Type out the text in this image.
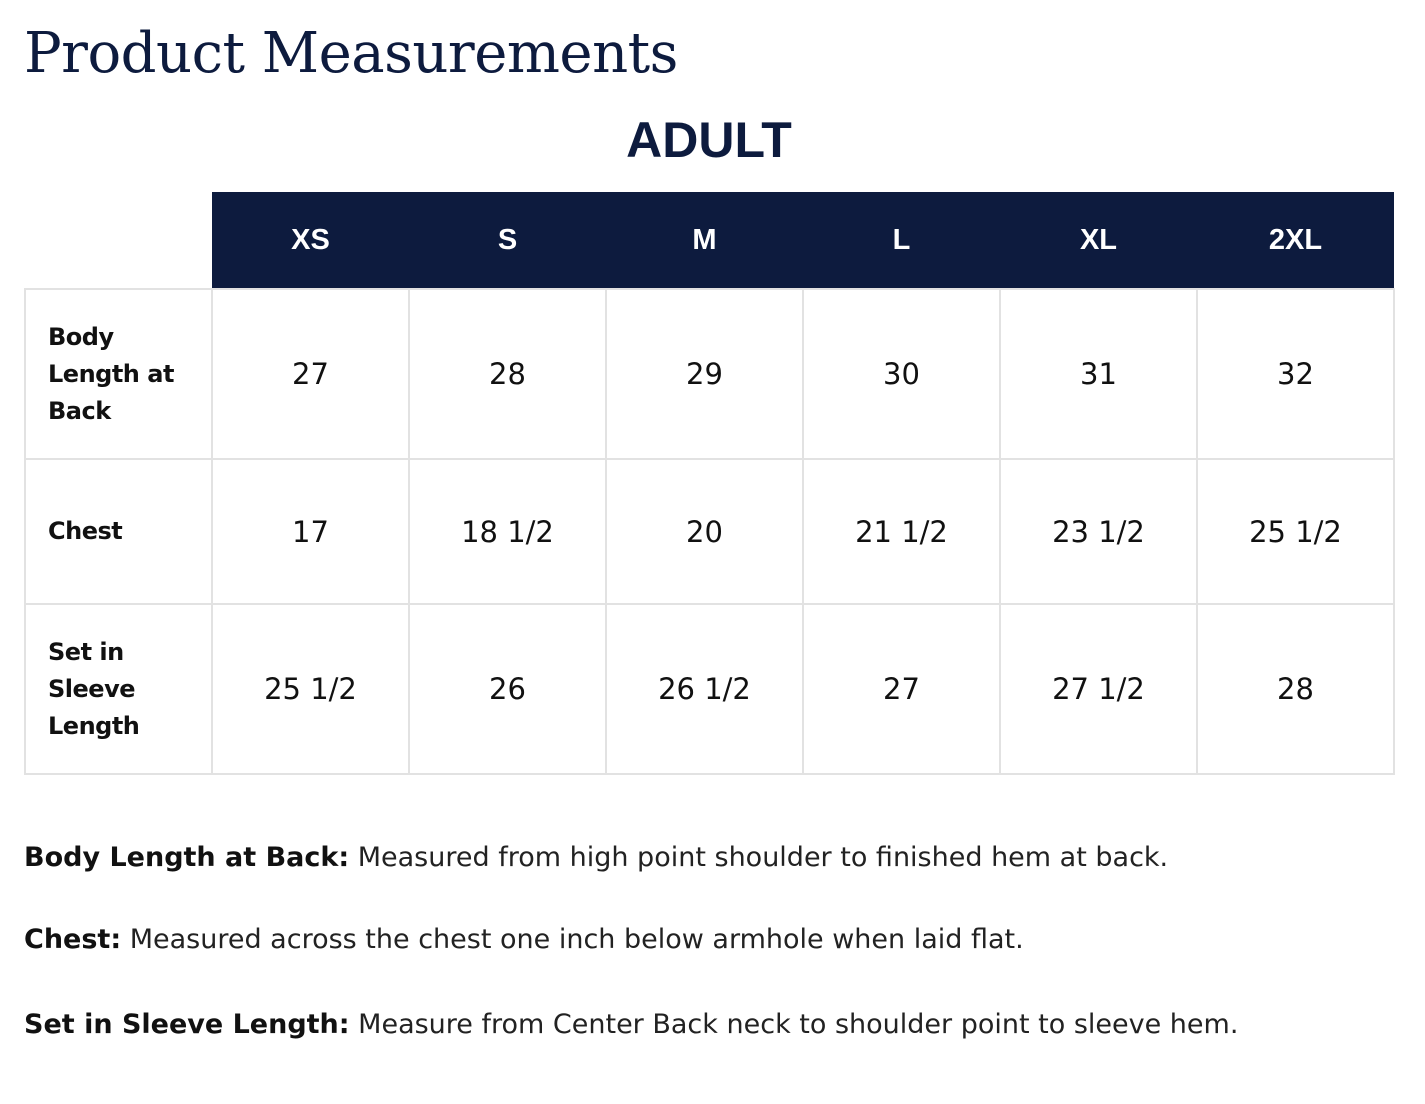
Product Measurements
ADULT
	XS	S	M	L	XL	2XL
Body Length at Back	27	28	29	30	31	32
Chest	17	18 1/2	20	21 1/2	23 1/2	25 1/2
Set in Sleeve Length	25 1/2	26	26 1/2	27	27 1/2	28

Body Length at Back: Measured from high point shoulder to finished hem at back.

Chest: Measured across the chest one inch below armhole when laid flat.

Set in Sleeve Length: Measure from Center Back neck to shoulder point to sleeve hem.
